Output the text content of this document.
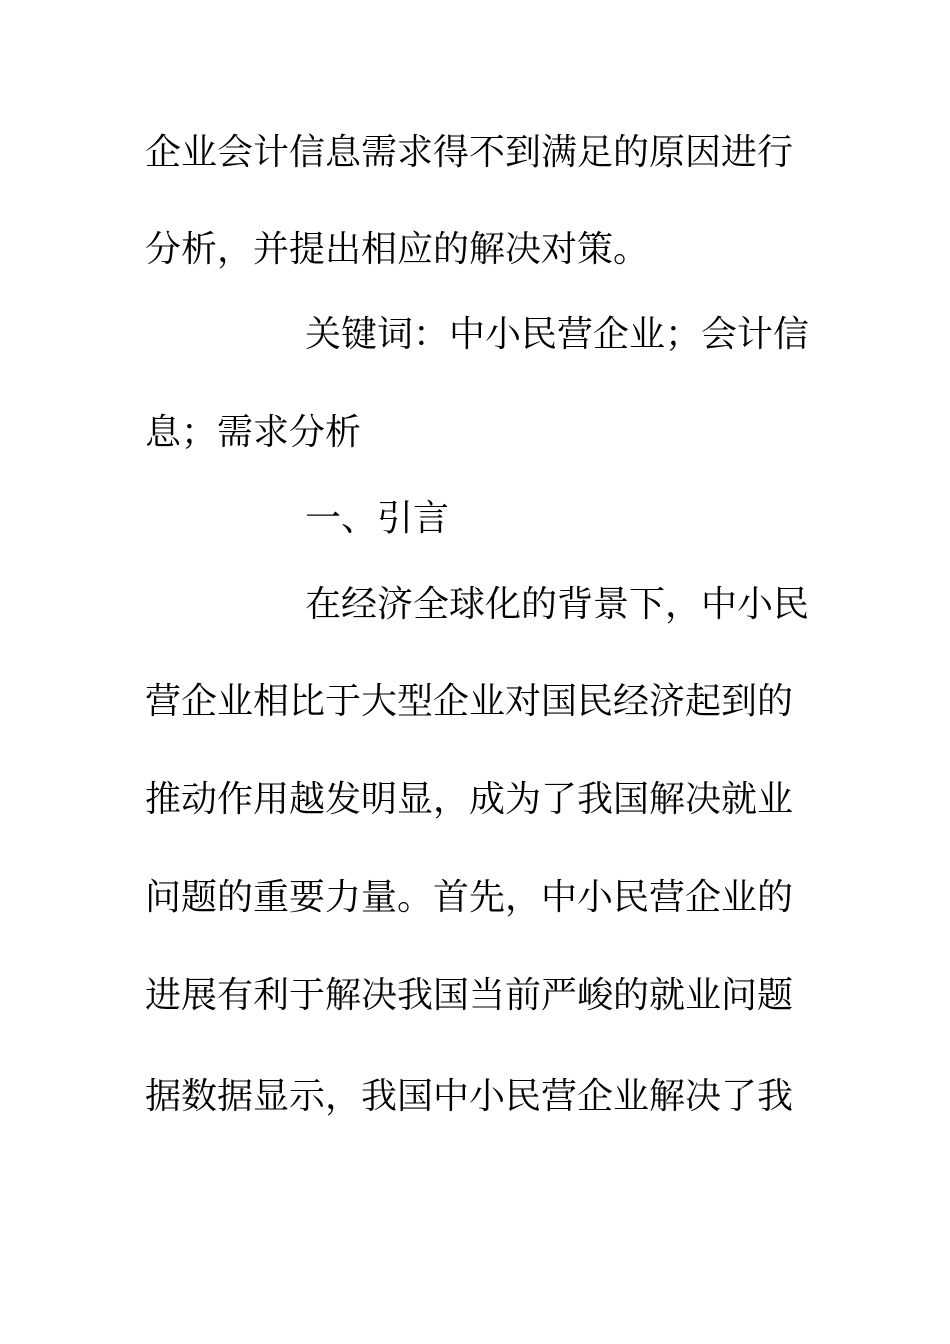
企业会计信息需求得不到满足的原因进行
分析，并提出相应的解决对策。
关键词：中小民营企业；会计信
息；需求分析
一、引言
在经济全球化的背景下，中小民
营企业相比于大型企业对国民经济起到的
推动作用越发明显，成为了我国解决就业
问题的重要力量。首先，中小民营企业的
进展有利于解决我国当前严峻的就业问题
据数据显示，我国中小民营企业解决了我
